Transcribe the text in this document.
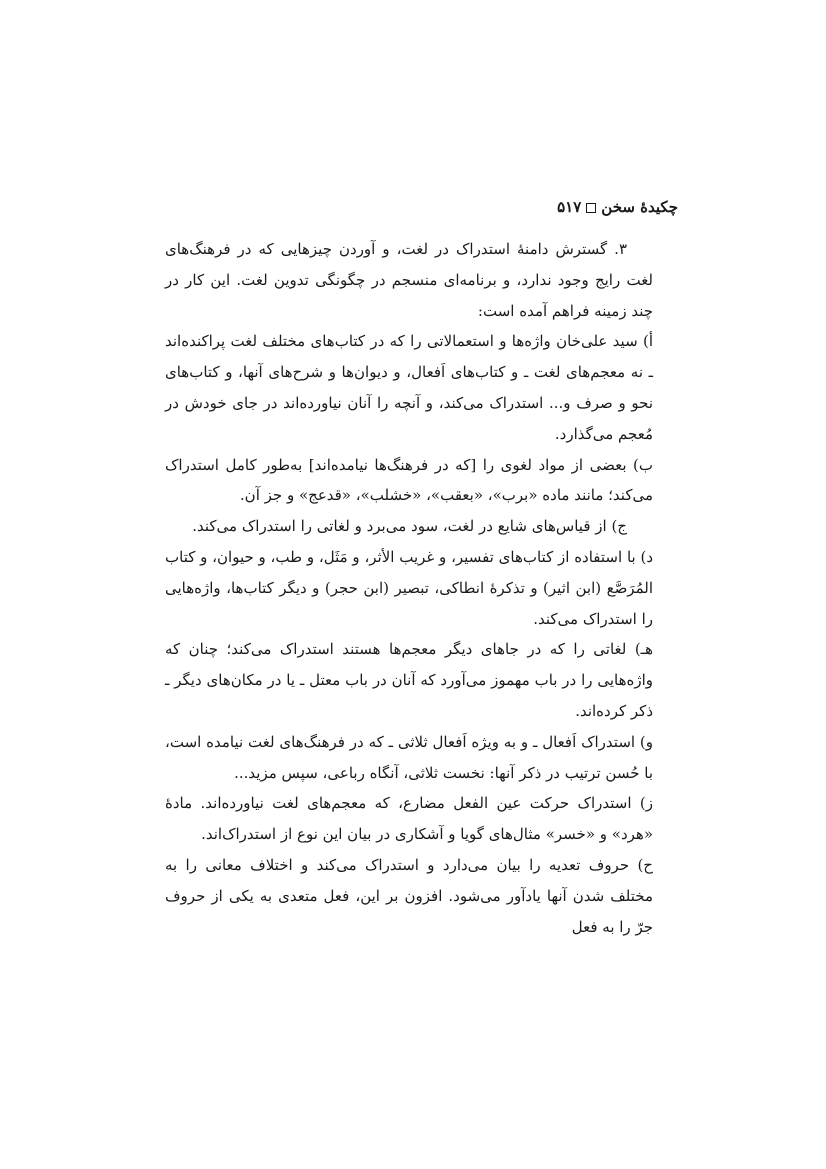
چکیدهٔ سخن۵۱۷

۳. گسترش دامنهٔ استدراک در لغت، و آوردن چیزهایی که در فرهنگ‌های لغت رایج وجود ندارد، و برنامه‌ای منسجم در چگونگی تدوین لغت. این کار در چند زمینه فراهم آمده است:

أ) سید علی‌خان واژه‌ها و استعمالاتی را که در کتاب‌های مختلف لغت پراکنده‌اند ـ نه معجم‌های لغت ـ و کتاب‌های اَفعال، و دیوان‌ها و شرح‌های آنها، و کتاب‌های نحو و صرف و... استدراک می‌کند، و آنچه را آنان نیاورده‌اند در جای خودش در مُعجم می‌گذارد.

ب) بعضی از مواد لغوی را [که در فرهنگ‌ها نیامده‌اند] به‌طور کامل استدراک می‌کند؛ مانند ماده «برب»، «بعقب»، «خشلب»، «قدعج» و جز آن.

ج) از قیاس‌های شایع در لغت، سود می‌برد و لغاتی را استدراک می‌کند.

د) با استفاده از کتاب‌های تفسیر، و غریب الأثر، و مَثَل، و طب، و حیوان، و کتاب المُرَصَّع (ابن اثیر) و تذکرهٔ انطاکی، تبصیر (ابن حجر) و دیگر کتاب‌ها، واژه‌هایی را استدراک می‌کند.

هـ) لغاتی را که در جاهای دیگر معجم‌ها هستند استدراک می‌کند؛ چنان که واژه‌هایی را در باب مهموز می‌آورد که آنان در باب معتل ـ یا در مکان‌های دیگر ـ ذکر کرده‌اند.

و) استدراک اَفعال ـ و به ویژه اَفعال ثلاثی ـ که در فرهنگ‌های لغت نیامده است، با حُسن ترتیب در ذکر آنها: نخست ثلاثی، آنگاه رباعی، سپس مزید...

ز) استدراک حرکت عین الفعل مضارع، که معجم‌های لغت نیاورده‌اند. مادهٔ «هرد» و «خسر» مثال‌های گویا و آشکاری در بیان این نوع از استدراک‌اند.

ح) حروف تعدیه را بیان می‌دارد و استدراک می‌کند و اختلاف معانی را به مختلف شدن آنها یادآور می‌شود. افزون بر این، فعل متعدی به یکی از حروف جرّ را به فعل
